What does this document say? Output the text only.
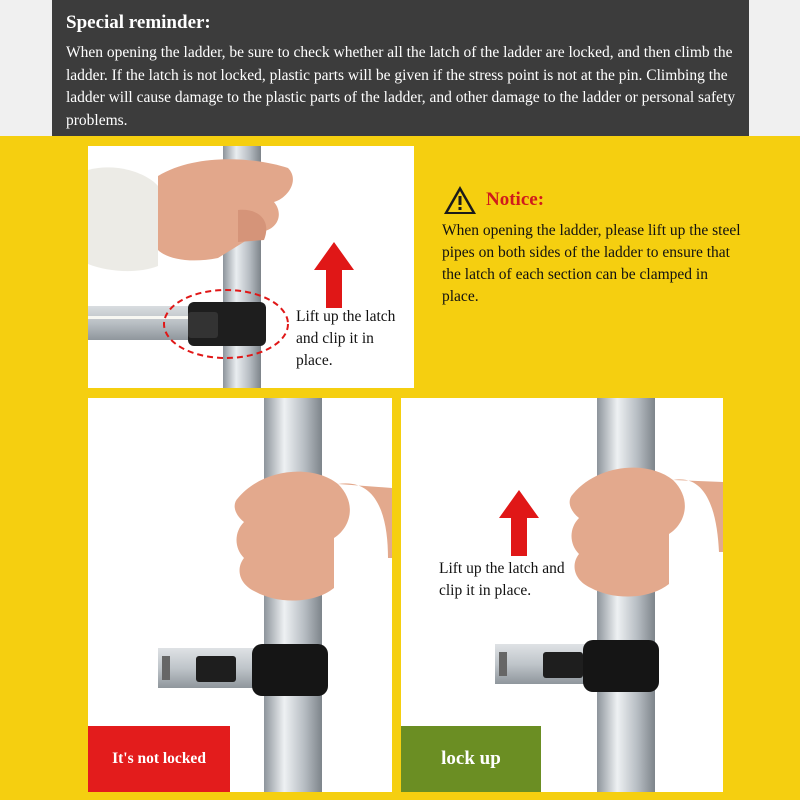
Special reminder:
When opening the ladder, be sure to check whether all the latch of the ladder are locked, and then climb the ladder. If the latch is not locked, plastic parts will be given if the stress point is not at the pin. Climbing the ladder will cause damage to the plastic parts of the ladder, and other damage to the ladder or personal safety problems.
Lift up the latch and clip it in place.
Notice:
When opening the ladder, please lift up the steel pipes on both sides of the ladder to ensure that the latch of each section can be clamped in place.
It's not locked
Lift up the latch and clip it in place.
lock up
